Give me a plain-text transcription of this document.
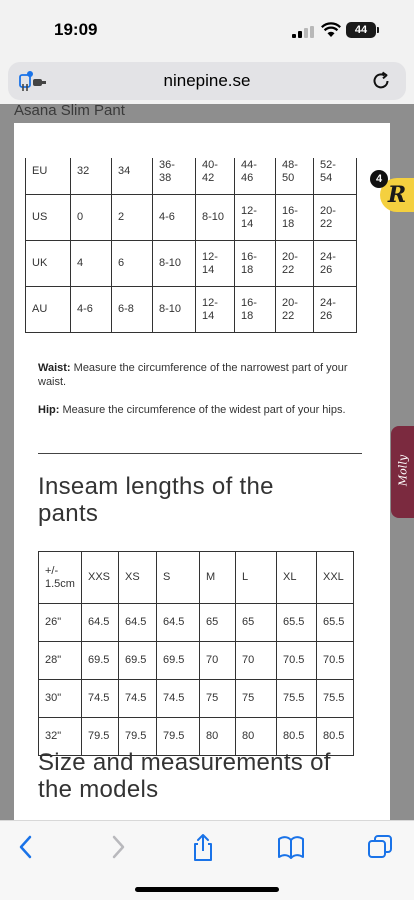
19:09	44
ninepine.se
Asana Slim Pant
EU	32	34	36-38	40-42	44-46	48-50	52-54
US	0	2	4-6	8-10	12-14	16-18	20-22
UK	4	6	8-10	12-14	16-18	20-22	24-26
AU	4-6	6-8	8-10	12-14	16-18	20-22	24-26
Waist: Measure the circumference of the narrowest part of your waist.
Hip: Measure the circumference of the widest part of your hips.
Inseam lengths of the pants
+/- 1.5cm	XXS	XS	S	M	L	XL	XXL
26"	64.5	64.5	64.5	65	65	65.5	65.5
28"	69.5	69.5	69.5	70	70	70.5	70.5
30"	74.5	74.5	74.5	75	75	75.5	75.5
32"	79.5	79.5	79.5	80	80	80.5	80.5
Size and measurements of the models
R
4
Molly
